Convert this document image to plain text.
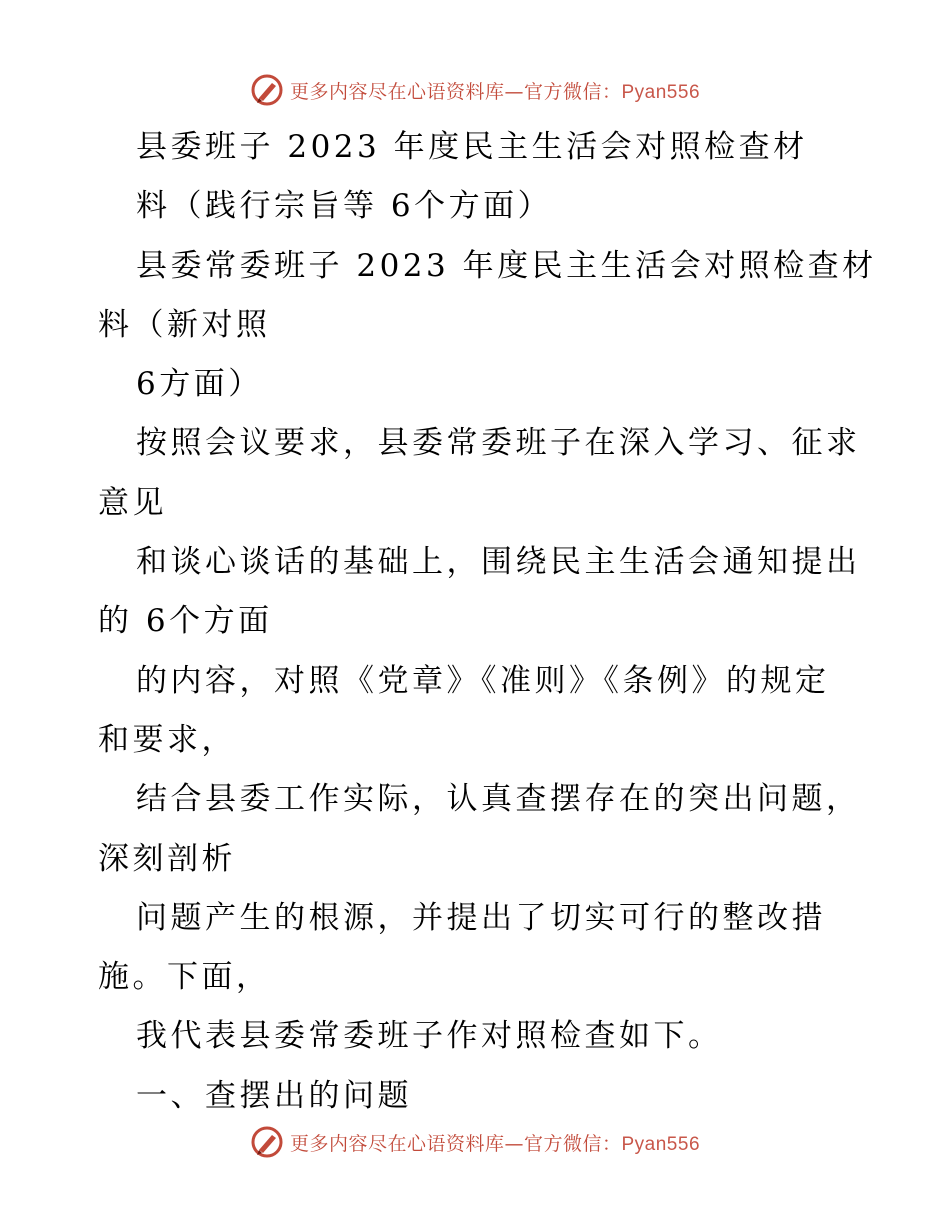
更多内容尽在心语资料库—官方微信：Pyan556
县委班子 2023 年度民主生活会对照检查材
料（践行宗旨等 6个方面）
县委常委班子 2023 年度民主生活会对照检查材
料（新对照
6方面）
按照会议要求，县委常委班子在深入学习、征求
意见
和谈心谈话的基础上，围绕民主生活会通知提出
的 6个方面
的内容，对照《党章》《准则》《条例》的规定
和要求，
结合县委工作实际，认真查摆存在的突出问题，
深刻剖析
问题产生的根源，并提出了切实可行的整改措
施。下面，
我代表县委常委班子作对照检查如下。
一、查摆出的问题
更多内容尽在心语资料库—官方微信：Pyan556
